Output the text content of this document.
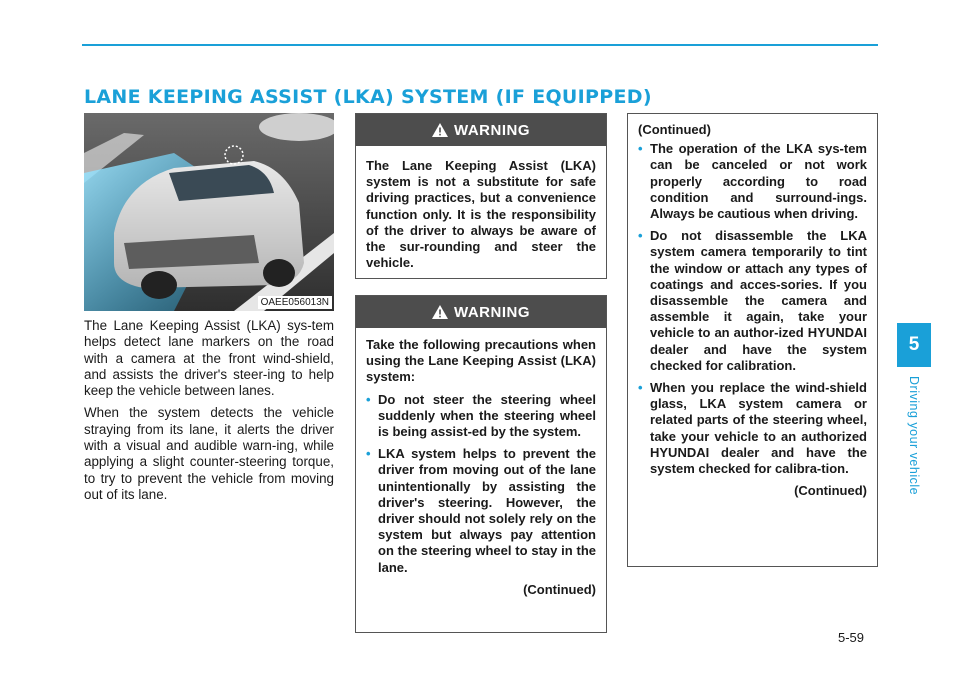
LANE KEEPING ASSIST (LKA) SYSTEM (IF EQUIPPED)
OAEE056013N

The Lane Keeping Assist (LKA) sys-tem helps detect lane markers on the road with a camera at the front wind-shield, and assists the driver's steer-ing to help keep the vehicle between lanes.

When the system detects the vehicle straying from its lane, it alerts the driver with a visual and audible warn-ing, while applying a slight counter-steering torque, to try to prevent the vehicle from moving out of its lane.

WARNING

The Lane Keeping Assist (LKA) system is not a substitute for safe driving practices, but a convenience function only. It is the responsibility of the driver to always be aware of the sur-rounding and steer the vehicle.

WARNING

Take the following precautions when using the Lane Keeping Assist (LKA) system:

• Do not steer the steering wheel suddenly when the steering wheel is being assist-ed by the system.
• LKA system helps to prevent the driver from moving out of the lane unintentionally by assisting the driver's steering. However, the driver should not solely rely on the system but always pay attention on the steering wheel to stay in the lane.
(Continued)

(Continued)

• The operation of the LKA sys-tem can be canceled or not work properly according to road condition and surround-ings. Always be cautious when driving.
• Do not disassemble the LKA system camera temporarily to tint the window or attach any types of coatings and acces-sories. If you disassemble the camera and assemble it again, take your vehicle to an author-ized HYUNDAI dealer and have the system checked for calibration.
• When you replace the wind-shield glass, LKA system camera or related parts of the steering wheel, take your vehicle to an authorized HYUNDAI dealer and have the system checked for calibra-tion.
(Continued)
5
Driving your vehicle
5-59
